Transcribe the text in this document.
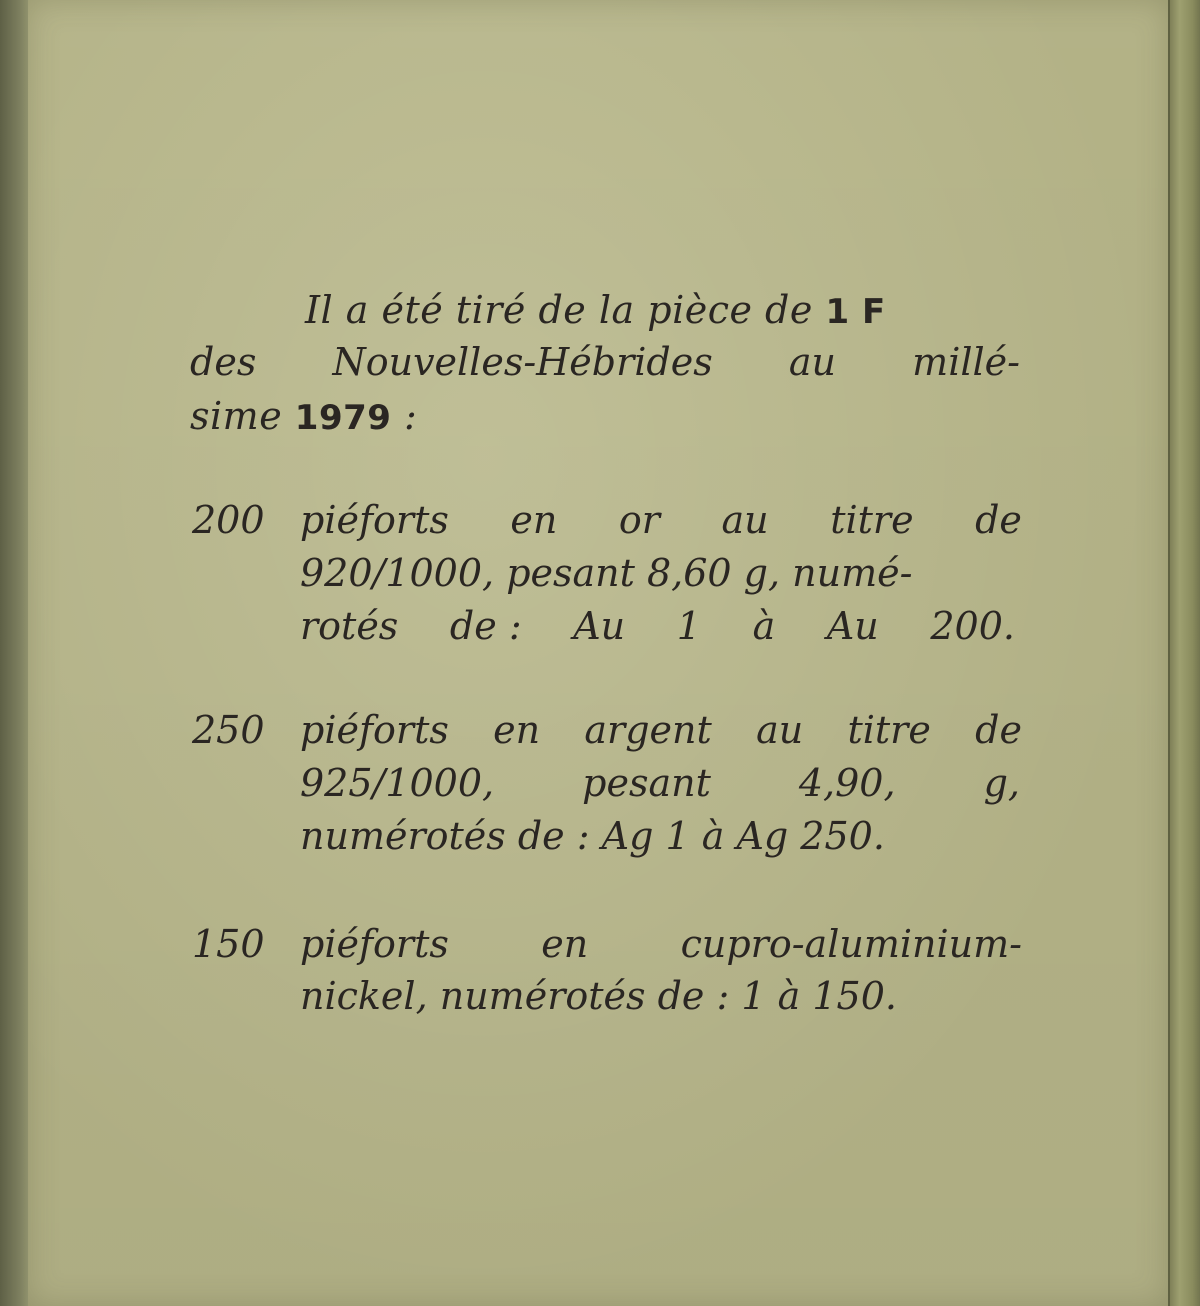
Il a été tiré de la pièce de 1 F
des Nouvelles-Hébrides au millé-
sime 1979 :
200 piéforts en or au titre de
920/1000, pesant 8,60 g, numé-
rotés de : Au 1 à Au 200.
250 piéforts en argent au titre de
925/1000, pesant 4,90, g,
numérotés de : Ag 1 à Ag 250.
150 piéforts en cupro-aluminium-
nickel, numérotés de : 1 à 150.
